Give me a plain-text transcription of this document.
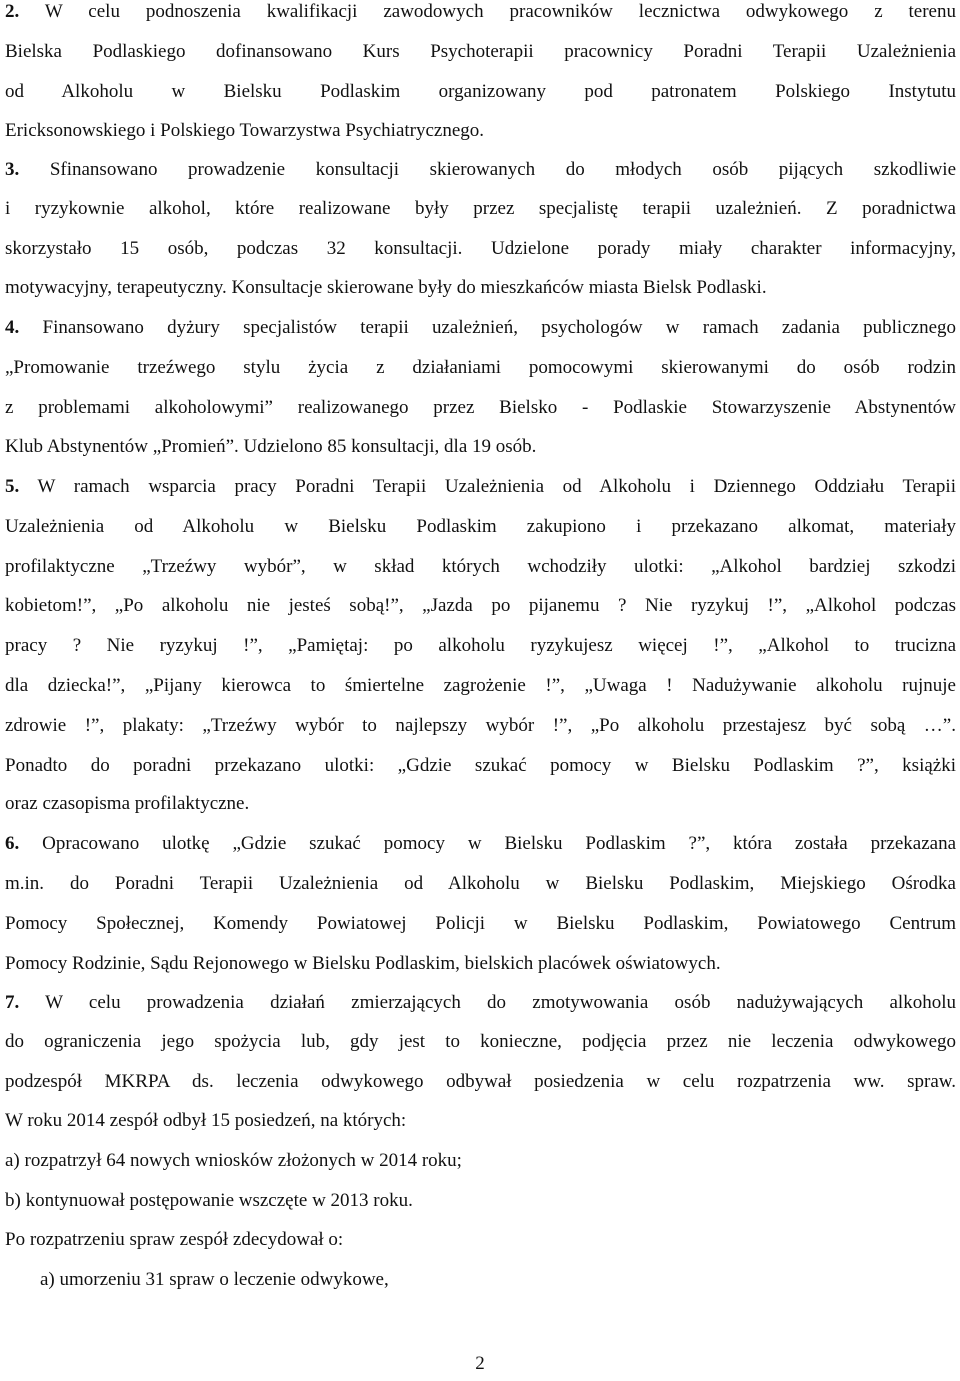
2. W celu podnoszenia kwalifikacji zawodowych pracowników lecznictwa odwykowego z terenu
Bielska Podlaskiego dofinansowano Kurs Psychoterapii pracownicy Poradni Terapii Uzależnienia
od Alkoholu w Bielsku Podlaskim organizowany pod patronatem Polskiego Instytutu
Ericksonowskiego i Polskiego Towarzystwa Psychiatrycznego.
3. Sfinansowano prowadzenie konsultacji skierowanych do młodych osób pijących szkodliwie
i ryzykownie alkohol, które realizowane były przez specjalistę terapii uzależnień. Z poradnictwa
skorzystało 15 osób, podczas 32 konsultacji. Udzielone porady miały charakter informacyjny,
motywacyjny, terapeutyczny. Konsultacje skierowane były do mieszkańców miasta Bielsk Podlaski.
4. Finansowano dyżury specjalistów terapii uzależnień, psychologów w ramach zadania publicznego
„Promowanie trzeźwego stylu życia z działaniami pomocowymi skierowanymi do osób rodzin
z problemami alkoholowymi” realizowanego przez Bielsko - Podlaskie Stowarzyszenie Abstynentów
Klub Abstynentów „Promień”. Udzielono 85 konsultacji, dla 19 osób.
5. W ramach wsparcia pracy Poradni Terapii Uzależnienia od Alkoholu i Dziennego Oddziału Terapii
Uzależnienia od Alkoholu w Bielsku Podlaskim zakupiono i przekazano alkomat, materiały
profilaktyczne „Trzeźwy wybór”, w skład których wchodziły ulotki: „Alkohol bardziej szkodzi
kobietom!”, „Po alkoholu nie jesteś sobą!”, „Jazda po pijanemu ? Nie ryzykuj !”, „Alkohol podczas
pracy ? Nie ryzykuj !”, „Pamiętaj: po alkoholu ryzykujesz więcej !”, „Alkohol to trucizna
dla dziecka!”, „Pijany kierowca to śmiertelne zagrożenie !”, „Uwaga ! Nadużywanie alkoholu rujnuje
zdrowie !”, plakaty: „Trzeźwy wybór to najlepszy wybór !”, „Po alkoholu przestajesz być sobą …”.
Ponadto do poradni przekazano ulotki: „Gdzie szukać pomocy w Bielsku Podlaskim ?”, książki
oraz czasopisma profilaktyczne.
6. Opracowano ulotkę „Gdzie szukać pomocy w Bielsku Podlaskim ?”, która została przekazana
m.in. do Poradni Terapii Uzależnienia od Alkoholu w Bielsku Podlaskim, Miejskiego Ośrodka
Pomocy Społecznej, Komendy Powiatowej Policji w Bielsku Podlaskim, Powiatowego Centrum
Pomocy Rodzinie, Sądu Rejonowego w Bielsku Podlaskim, bielskich placówek oświatowych.
7. W celu prowadzenia działań zmierzających do zmotywowania osób nadużywających alkoholu
do ograniczenia jego spożycia lub, gdy jest to konieczne, podjęcia przez nie leczenia odwykowego
podzespół MKRPA ds. leczenia odwykowego odbywał posiedzenia w celu rozpatrzenia ww. spraw.
W roku 2014 zespół odbył 15 posiedzeń, na których:
a) rozpatrzył 64 nowych wniosków złożonych w 2014 roku;
b) kontynuował postępowanie wszczęte w 2013 roku.
Po rozpatrzeniu spraw zespół zdecydował o:
a) umorzeniu 31 spraw o leczenie odwykowe,
2
